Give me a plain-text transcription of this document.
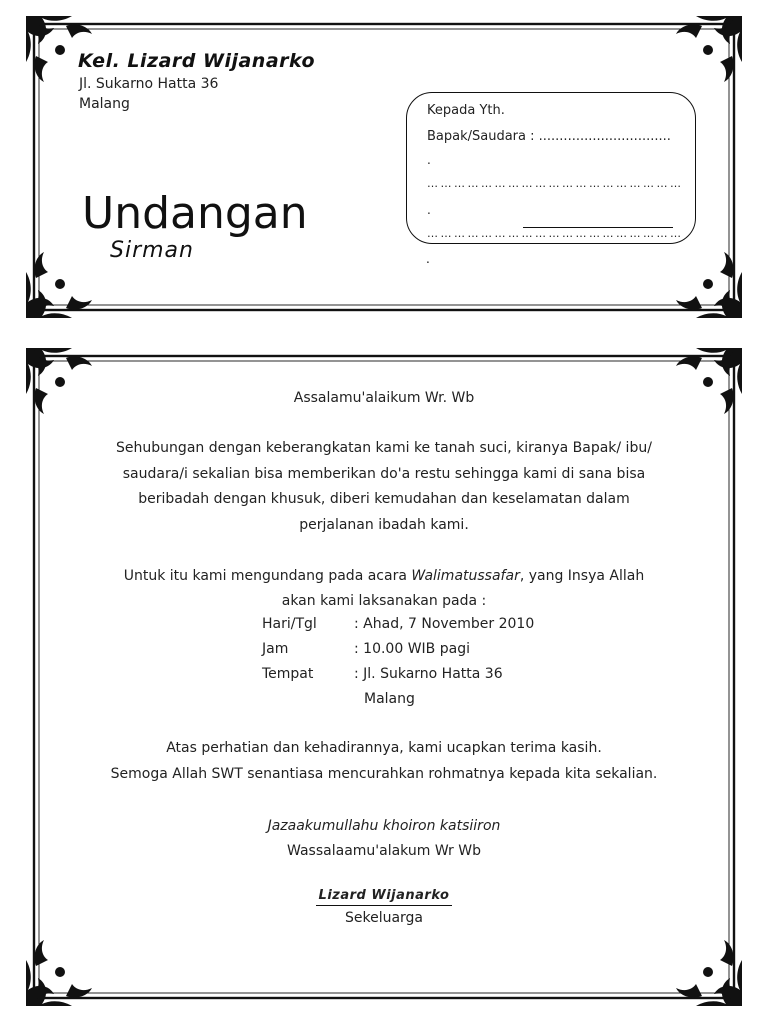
Kel. Lizard Wijanarko

Jl. Sukarno Hatta 36

Malang

Undangan

Sirman

Kepada Yth.

Bapak/Saudara : ................................

.

… … … … … … … … … … … … … … … … … … …

.

… … … … … … … … … … … … … … … … … … …

.

Assalamu'alaikum Wr. Wb

Sehubungan dengan keberangkatan kami ke tanah suci, kiranya Bapak/ ibu/
saudara/i sekalian bisa memberikan do'a restu sehingga kami di sana bisa
beribadah dengan khusuk, diberi kemudahan dan keselamatan dalam
perjalanan ibadah kami.
Untuk itu kami mengundang pada acara Walimatussafar, yang Insya Allah
akan kami laksanakan pada :

Hari/Tgl	: Ahad, 7 November 2010

Jam	: 10.00 WIB pagi

Tempat	: Jl. Sukarno Hatta 36

Malang

Atas perhatian dan kehadirannya, kami ucapkan terima kasih.

Semoga Allah SWT senantiasa mencurahkan rohmatnya kepada kita sekalian.

Jazaakumullahu khoiron katsiiron

Wassalaamu'alakum Wr Wb

Lizard Wijanarko

Sekeluarga
